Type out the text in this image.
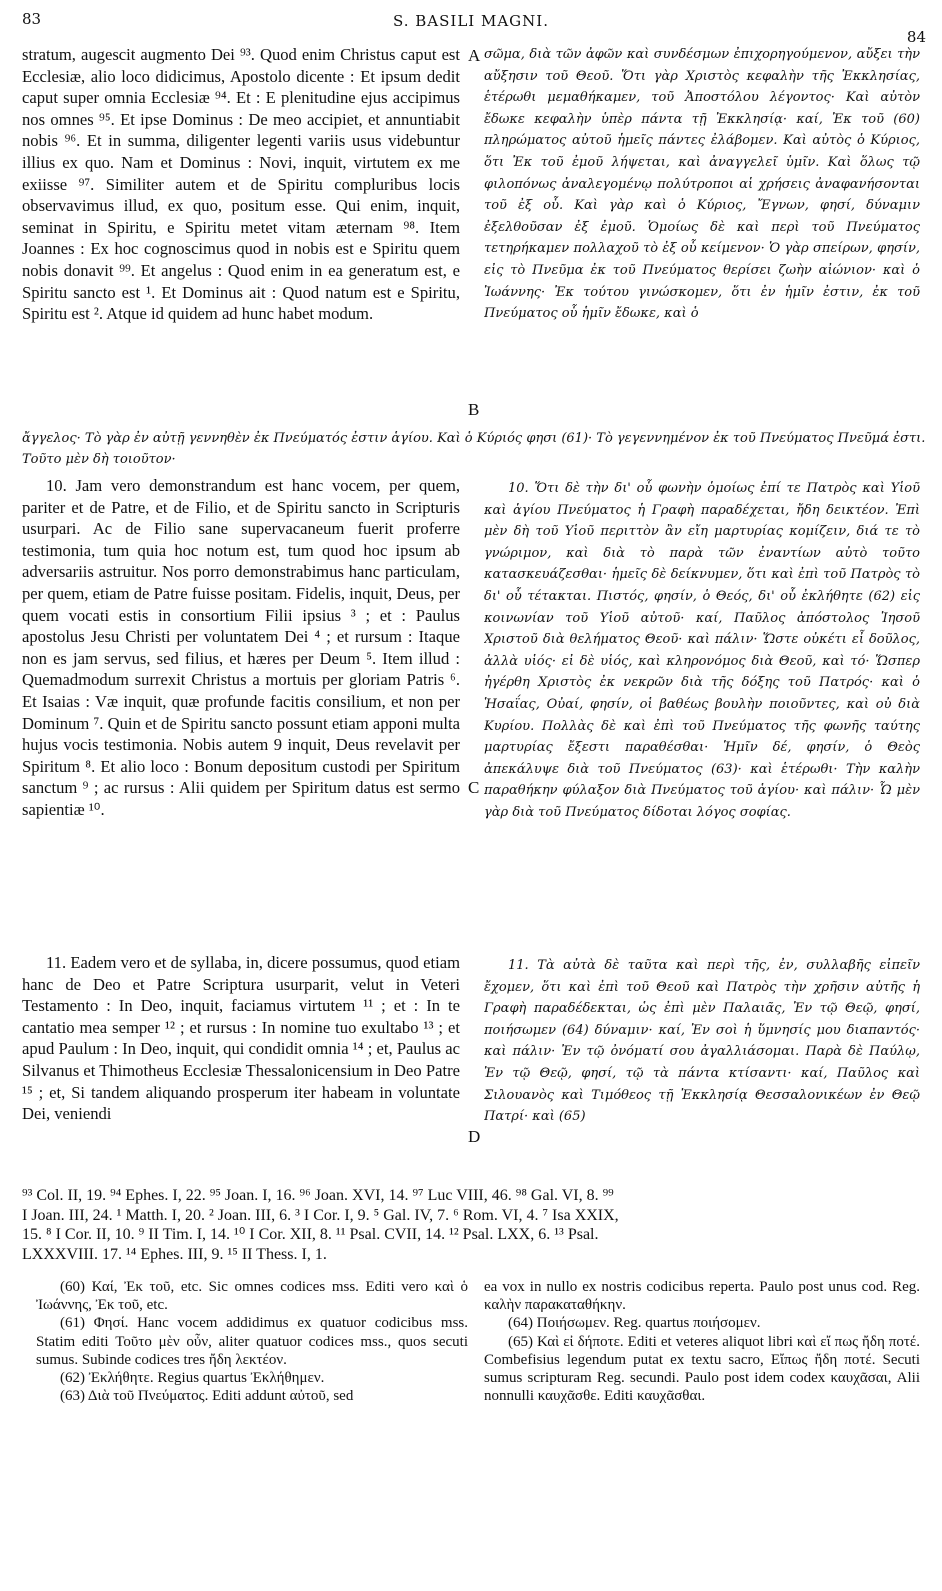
83	S. BASILI MAGNI.
84

stratum, augescit augmento Dei ⁹³. Quod enim Christus caput est Ecclesiæ, alio loco didicimus, Apostolo dicente : Et ipsum dedit caput super omnia Ecclesiæ ⁹⁴. Et : E plenitudine ejus accipimus nos omnes ⁹⁵. Et ipse Dominus : De meo accipiet, et annuntiabit nobis ⁹⁶. Et in summa, diligenter legenti variis usus videbuntur illius ex quo. Nam et Dominus : Novi, inquit, virtutem ex me exiisse ⁹⁷. Similiter autem et de Spiritu compluribus locis observavimus illud, ex quo, positum esse. Qui enim, inquit, seminat in Spiritu, e Spiritu metet vitam æternam ⁹⁸. Item Joannes : Ex hoc cognoscimus quod in nobis est e Spiritu quem nobis donavit ⁹⁹. Et angelus : Quod enim in ea generatum est, e Spiritu sancto est ¹. Et Dominus ait : Quod natum est e Spiritu, Spiritu est ². Atque id quidem ad hunc habet modum.

σῶμα, διὰ τῶν ἀφῶν καὶ συνδέσμων ἐπιχορηγούμενον, αὔξει τὴν αὔξησιν τοῦ Θεοῦ. Ὅτι γὰρ Χριστὸς κεφαλὴν τῆς Ἐκκλησίας, ἑτέρωθι μεμαθήκαμεν, τοῦ Ἀποστόλου λέγοντος· Καὶ αὐτὸν ἔδωκε κεφαλὴν ὑπὲρ πάντα τῇ Ἐκκλησίᾳ· καί, Ἐκ τοῦ (60) πληρώματος αὐτοῦ ἡμεῖς πάντες ἐλάβομεν. Καὶ αὐτὸς ὁ Κύριος, ὅτι Ἐκ τοῦ ἐμοῦ λήψεται, καὶ ἀναγγελεῖ ὑμῖν. Καὶ ὅλως τῷ φιλοπόνως ἀναλεγομένῳ πολύτροποι αἱ χρήσεις ἀναφανήσονται τοῦ ἐξ οὗ. Καὶ γὰρ καὶ ὁ Κύριος, Ἔγνων, φησί, δύναμιν ἐξελθοῦσαν ἐξ ἐμοῦ. Ὁμοίως δὲ καὶ περὶ τοῦ Πνεύματος τετηρήκαμεν πολλαχοῦ τὸ ἐξ οὗ κείμενον· Ὁ γὰρ σπείρων, φησίν, εἰς τὸ Πνεῦμα ἐκ τοῦ Πνεύματος θερίσει ζωὴν αἰώνιον· καὶ ὁ Ἰωάννης· Ἐκ τούτου γινώσκομεν, ὅτι ἐν ἡμῖν ἐστιν, ἐκ τοῦ Πνεύματος οὗ ἡμῖν ἔδωκε, καὶ ὁ

ἄγγελος· Τὸ γὰρ ἐν αὐτῇ γεννηθὲν ἐκ Πνεύματός ἐστιν ἁγίου. Καὶ ὁ Κύριός φησι (61)· Τὸ γεγεννημένον ἐκ τοῦ Πνεύματος Πνεῦμά ἐστι. Τοῦτο μὲν δὴ τοιοῦτον·

10. Jam vero demonstrandum est hanc vocem, per quem, pariter et de Patre, et de Filio, et de Spiritu sancto in Scripturis usurpari. Ac de Filio sane supervacaneum fuerit proferre testimonia, tum quia hoc notum est, tum quod hoc ipsum ab adversariis astruitur. Nos porro demonstrabimus hanc particulam, per quem, etiam de Patre fuisse positam. Fidelis, inquit, Deus, per quem vocati estis in consortium Filii ipsius ³ ; et : Paulus apostolus Jesu Christi per voluntatem Dei ⁴ ; et rursum : Itaque non es jam servus, sed filius, et hæres per Deum ⁵. Item illud : Quemadmodum surrexit Christus a mortuis per gloriam Patris ⁶. Et Isaias : Væ inquit, quæ profunde facitis consilium, et non per Dominum ⁷. Quin et de Spiritu sancto possunt etiam apponi multa hujus vocis testimonia. Nobis autem 9 inquit, Deus revelavit per Spiritum ⁸. Et alio loco : Bonum depositum custodi per Spiritum sanctum ⁹ ; ac rursus : Alii quidem per Spiritum datus est sermo sapientiæ ¹⁰.

10. Ὅτι δὲ τὴν δι' οὗ φωνὴν ὁμοίως ἐπί τε Πατρὸς καὶ Υἱοῦ καὶ ἁγίου Πνεύματος ἡ Γραφὴ παραδέχεται, ἤδη δεικτέον. Ἐπὶ μὲν δὴ τοῦ Υἱοῦ περιττὸν ἂν εἴη μαρτυρίας κομίζειν, διά τε τὸ γνώριμον, καὶ διὰ τὸ παρὰ τῶν ἐναντίων αὐτὸ τοῦτο κατασκευάζεσθαι· ἡμεῖς δὲ δείκνυμεν, ὅτι καὶ ἐπὶ τοῦ Πατρὸς τὸ δι' οὗ τέτακται. Πιστός, φησίν, ὁ Θεός, δι' οὗ ἐκλήθητε (62) εἰς κοινωνίαν τοῦ Υἱοῦ αὐτοῦ· καί, Παῦλος ἀπόστολος Ἰησοῦ Χριστοῦ διὰ θελήματος Θεοῦ· καὶ πάλιν· Ὥστε οὐκέτι εἶ δοῦλος, ἀλλὰ υἱός· εἰ δὲ υἱός, καὶ κληρονόμος διὰ Θεοῦ, καὶ τό· Ὥσπερ ἠγέρθη Χριστὸς ἐκ νεκρῶν διὰ τῆς δόξης τοῦ Πατρός· καὶ ὁ Ἡσαΐας, Οὐαί, φησίν, οἱ βαθέως βουλὴν ποιοῦντες, καὶ οὐ διὰ Κυρίου. Πολλὰς δὲ καὶ ἐπὶ τοῦ Πνεύματος τῆς φωνῆς ταύτης μαρτυρίας ἔξεστι παραθέσθαι· Ἡμῖν δέ, φησίν, ὁ Θεὸς ἀπεκάλυψε διὰ τοῦ Πνεύματος (63)· καὶ ἑτέρωθι· Τὴν καλὴν παραθήκην φύλαξον διὰ Πνεύματος τοῦ ἁγίου· καὶ πάλιν· Ὧ μὲν γὰρ διὰ τοῦ Πνεύματος δίδοται λόγος σοφίας.

11. Eadem vero et de syllaba, in, dicere possumus, quod etiam hanc de Deo et Patre Scriptura usurparit, velut in Veteri Testamento : In Deo, inquit, faciamus virtutem ¹¹ ; et : In te cantatio mea semper ¹² ; et rursus : In nomine tuo exultabo ¹³ ; et apud Paulum : In Deo, inquit, qui condidit omnia ¹⁴ ; et, Paulus ac Silvanus et Thimotheus Ecclesiæ Thessalonicensium in Deo Patre ¹⁵ ; et, Si tandem aliquando prosperum iter habeam in voluntate Dei, veniendi

11. Τὰ αὐτὰ δὲ ταῦτα καὶ περὶ τῆς, ἐν, συλλαβῆς εἰπεῖν ἔχομεν, ὅτι καὶ ἐπὶ τοῦ Θεοῦ καὶ Πατρὸς τὴν χρῆσιν αὐτῆς ἡ Γραφὴ παραδέδεκται, ὡς ἐπὶ μὲν Παλαιᾶς, Ἐν τῷ Θεῷ, φησί, ποιήσωμεν (64) δύναμιν· καί, Ἐν σοὶ ἡ ὕμνησίς μου διαπαντός· καὶ πάλιν· Ἐν τῷ ὀνόματί σου ἀγαλλιάσομαι. Παρὰ δὲ Παύλῳ, Ἐν τῷ Θεῷ, φησί, τῷ τὰ πάντα κτίσαντι· καί, Παῦλος καὶ Σιλουανὸς καὶ Τιμόθεος τῇ Ἐκκλησίᾳ Θεσσαλονικέων ἐν Θεῷ Πατρί· καὶ (65)

A
B
C
D
⁹³ Col. II, 19. ⁹⁴ Ephes. I, 22. ⁹⁵ Joan. I, 16. ⁹⁶ Joan. XVI, 14. ⁹⁷ Luc VIII, 46. ⁹⁸ Gal. VI, 8. ⁹⁹
I Joan. III, 24. ¹ Matth. I, 20. ² Joan. III, 6. ³ I Cor. I, 9. ⁵ Gal. IV, 7. ⁶ Rom. VI, 4. ⁷ Isa XXIX,
15. ⁸ I Cor. II, 10. ⁹ II Tim. I, 14. ¹⁰ I Cor. XII, 8. ¹¹ Psal. CVII, 14. ¹² Psal. LXX, 6. ¹³ Psal.
LXXXVIII. 17. ¹⁴ Ephes. III, 9. ¹⁵ II Thess. I, 1.

(60) Καί, Ἐκ τοῦ, etc. Sic omnes codices mss. Editi vero καὶ ὁ Ἰωάννης, Ἐκ τοῦ, etc.

(61) Φησί. Hanc vocem addidimus ex quatuor codicibus mss. Statim editi Τοῦτο μὲν οὖν, aliter quatuor codices mss., quos secuti sumus. Subinde codices tres ἤδη λεκτέον.

(62) Ἐκλήθητε. Regius quartus Ἐκλήθημεν.

(63) Διὰ τοῦ Πνεύματος. Editi addunt αὐτοῦ, sed

ea vox in nullo ex nostris codicibus reperta. Paulo post unus cod. Reg. καλὴν παρακαταθήκην.

(64) Ποιήσωμεν. Reg. quartus ποιήσομεν.

(65) Καὶ εἰ δήποτε. Editi et veteres aliquot libri καὶ εἴ πως ἤδη ποτέ. Combefisius legendum putat ex textu sacro, Εἴπως ἤδη ποτέ. Secuti sumus scripturam Reg. secundi. Paulo post idem codex καυχᾶσαι, Alii nonnulli καυχᾶσθε. Editi καυχᾶσθαι.
